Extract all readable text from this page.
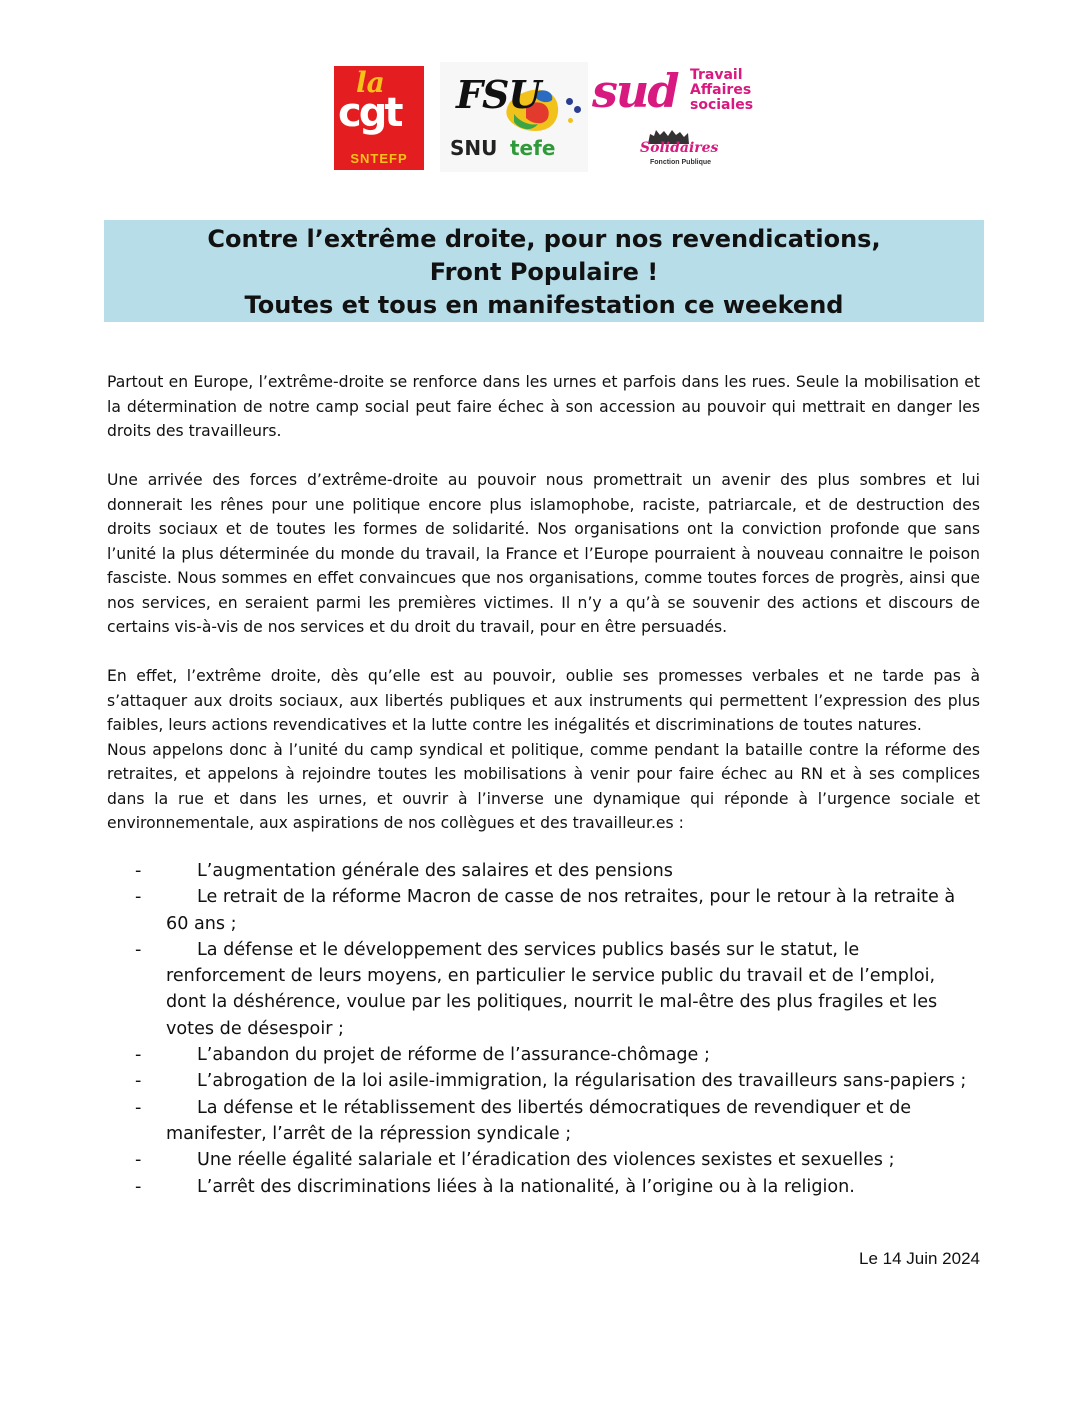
la
cgt
SNTEFP
FSU
SNU tefe
sud Travail
Affaires
sociales
Solidaires
Fonction Publique
Contre l’extrême droite, pour nos revendications,
Front Populaire !
Toutes et tous en manifestation ce weekend

Partout en Europe, l’extrême-droite se renforce dans les urnes et parfois dans les rues. Seule la mobilisation et la détermination de notre camp social peut faire échec à son accession au pouvoir qui mettrait en danger les droits des travailleurs.

Une arrivée des forces d’extrême-droite au pouvoir nous promettrait un avenir des plus sombres et lui donnerait les rênes pour une politique encore plus islamophobe, raciste, patriarcale, et de destruction des droits sociaux et de toutes les formes de solidarité. Nos organisations ont la conviction profonde que sans l’unité la plus déterminée du monde du travail, la France et l’Europe pourraient à nouveau connaitre le poison fasciste. Nous sommes en effet convaincues que nos organisations, comme toutes forces de progrès, ainsi que nos services, en seraient parmi les premières victimes. Il n’y a qu’à se souvenir des actions et discours de certains vis-à-vis de nos services et du droit du travail, pour en être persuadés.

En effet, l’extrême droite, dès qu’elle est au pouvoir, oublie ses promesses verbales et ne tarde pas à s’attaquer aux droits sociaux, aux libertés publiques et aux instruments qui permettent l’expression des plus faibles, leurs actions revendicatives et la lutte contre les inégalités et discriminations de toutes natures.

Nous appelons donc à l’unité du camp syndical et politique, comme pendant la bataille contre la réforme des retraites, et appelons à rejoindre toutes les mobilisations à venir pour faire échec au RN et à ses complices dans la rue et dans les urnes, et ouvrir à l’inverse une dynamique qui réponde à l’urgence sociale et environnementale, aux aspirations de nos collègues et des travailleur.es :

-	L’augmentation générale des salaires et des pensions
-	Le retrait de la réforme Macron de casse de nos retraites, pour le retour à la retraite à 60 ans ;
-	La défense et le développement des services publics basés sur le statut, le renforcement de leurs moyens, en particulier le service public du travail et de l’emploi, dont la déshérence, voulue par les politiques, nourrit le mal-être des plus fragiles et les votes de désespoir ;
-	L’abandon du projet de réforme de l’assurance-chômage ;
-	L’abrogation de la loi asile-immigration, la régularisation des travailleurs sans-papiers ;
-	La défense et le rétablissement des libertés démocratiques de revendiquer et de manifester, l’arrêt de la répression syndicale ;
-	Une réelle égalité salariale et l’éradication des violences sexistes et sexuelles ;
-	L’arrêt des discriminations liées à la nationalité, à l’origine ou à la religion.
Le 14 Juin 2024
